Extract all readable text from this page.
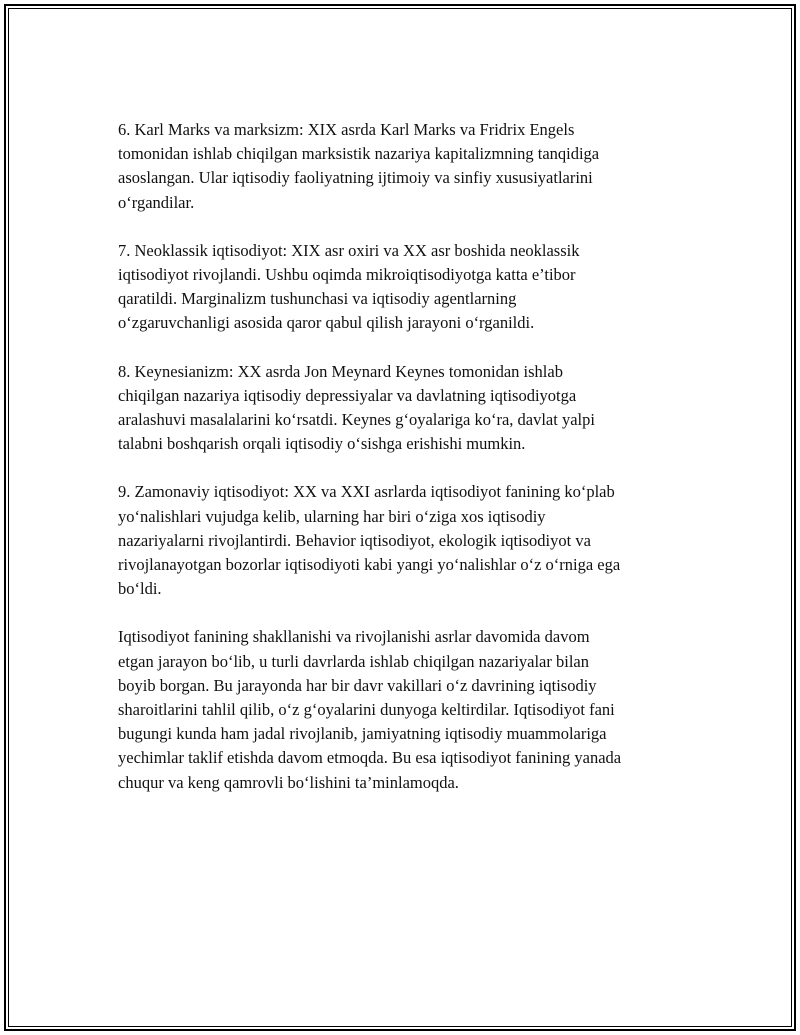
6. Karl Marks va marksizm: XIX asrda Karl Marks va Fridrix Engels
tomonidan ishlab chiqilgan marksistik nazariya kapitalizmning tanqidiga
asoslangan. Ular iqtisodiy faoliyatning ijtimoiy va sinfiy xususiyatlarini
o‘rgandilar.

7. Neoklassik iqtisodiyot: XIX asr oxiri va XX asr boshida neoklassik
iqtisodiyot rivojlandi. Ushbu oqimda mikroiqtisodiyotga katta e’tibor
qaratildi. Marginalizm tushunchasi va iqtisodiy agentlarning
o‘zgaruvchanligi asosida qaror qabul qilish jarayoni o‘rganildi.

8. Keynesianizm: XX asrda Jon Meynard Keynes tomonidan ishlab
chiqilgan nazariya iqtisodiy depressiyalar va davlatning iqtisodiyotga
aralashuvi masalalarini ko‘rsatdi. Keynes g‘oyalariga ko‘ra, davlat yalpi
talabni boshqarish orqali iqtisodiy o‘sishga erishishi mumkin.

9. Zamonaviy iqtisodiyot: XX va XXI asrlarda iqtisodiyot fanining ko‘plab
yo‘nalishlari vujudga kelib, ularning har biri o‘ziga xos iqtisodiy
nazariyalarni rivojlantirdi. Behavior iqtisodiyot, ekologik iqtisodiyot va
rivojlanayotgan bozorlar iqtisodiyoti kabi yangi yo‘nalishlar o‘z o‘rniga ega
bo‘ldi.

Iqtisodiyot fanining shakllanishi va rivojlanishi asrlar davomida davom
etgan jarayon bo‘lib, u turli davrlarda ishlab chiqilgan nazariyalar bilan
boyib borgan. Bu jarayonda har bir davr vakillari o‘z davrining iqtisodiy
sharoitlarini tahlil qilib, o‘z g‘oyalarini dunyoga keltirdilar. Iqtisodiyot fani
bugungi kunda ham jadal rivojlanib, jamiyatning iqtisodiy muammolariga
yechimlar taklif etishda davom etmoqda. Bu esa iqtisodiyot fanining yanada
chuqur va keng qamrovli bo‘lishini ta’minlamoqda.
